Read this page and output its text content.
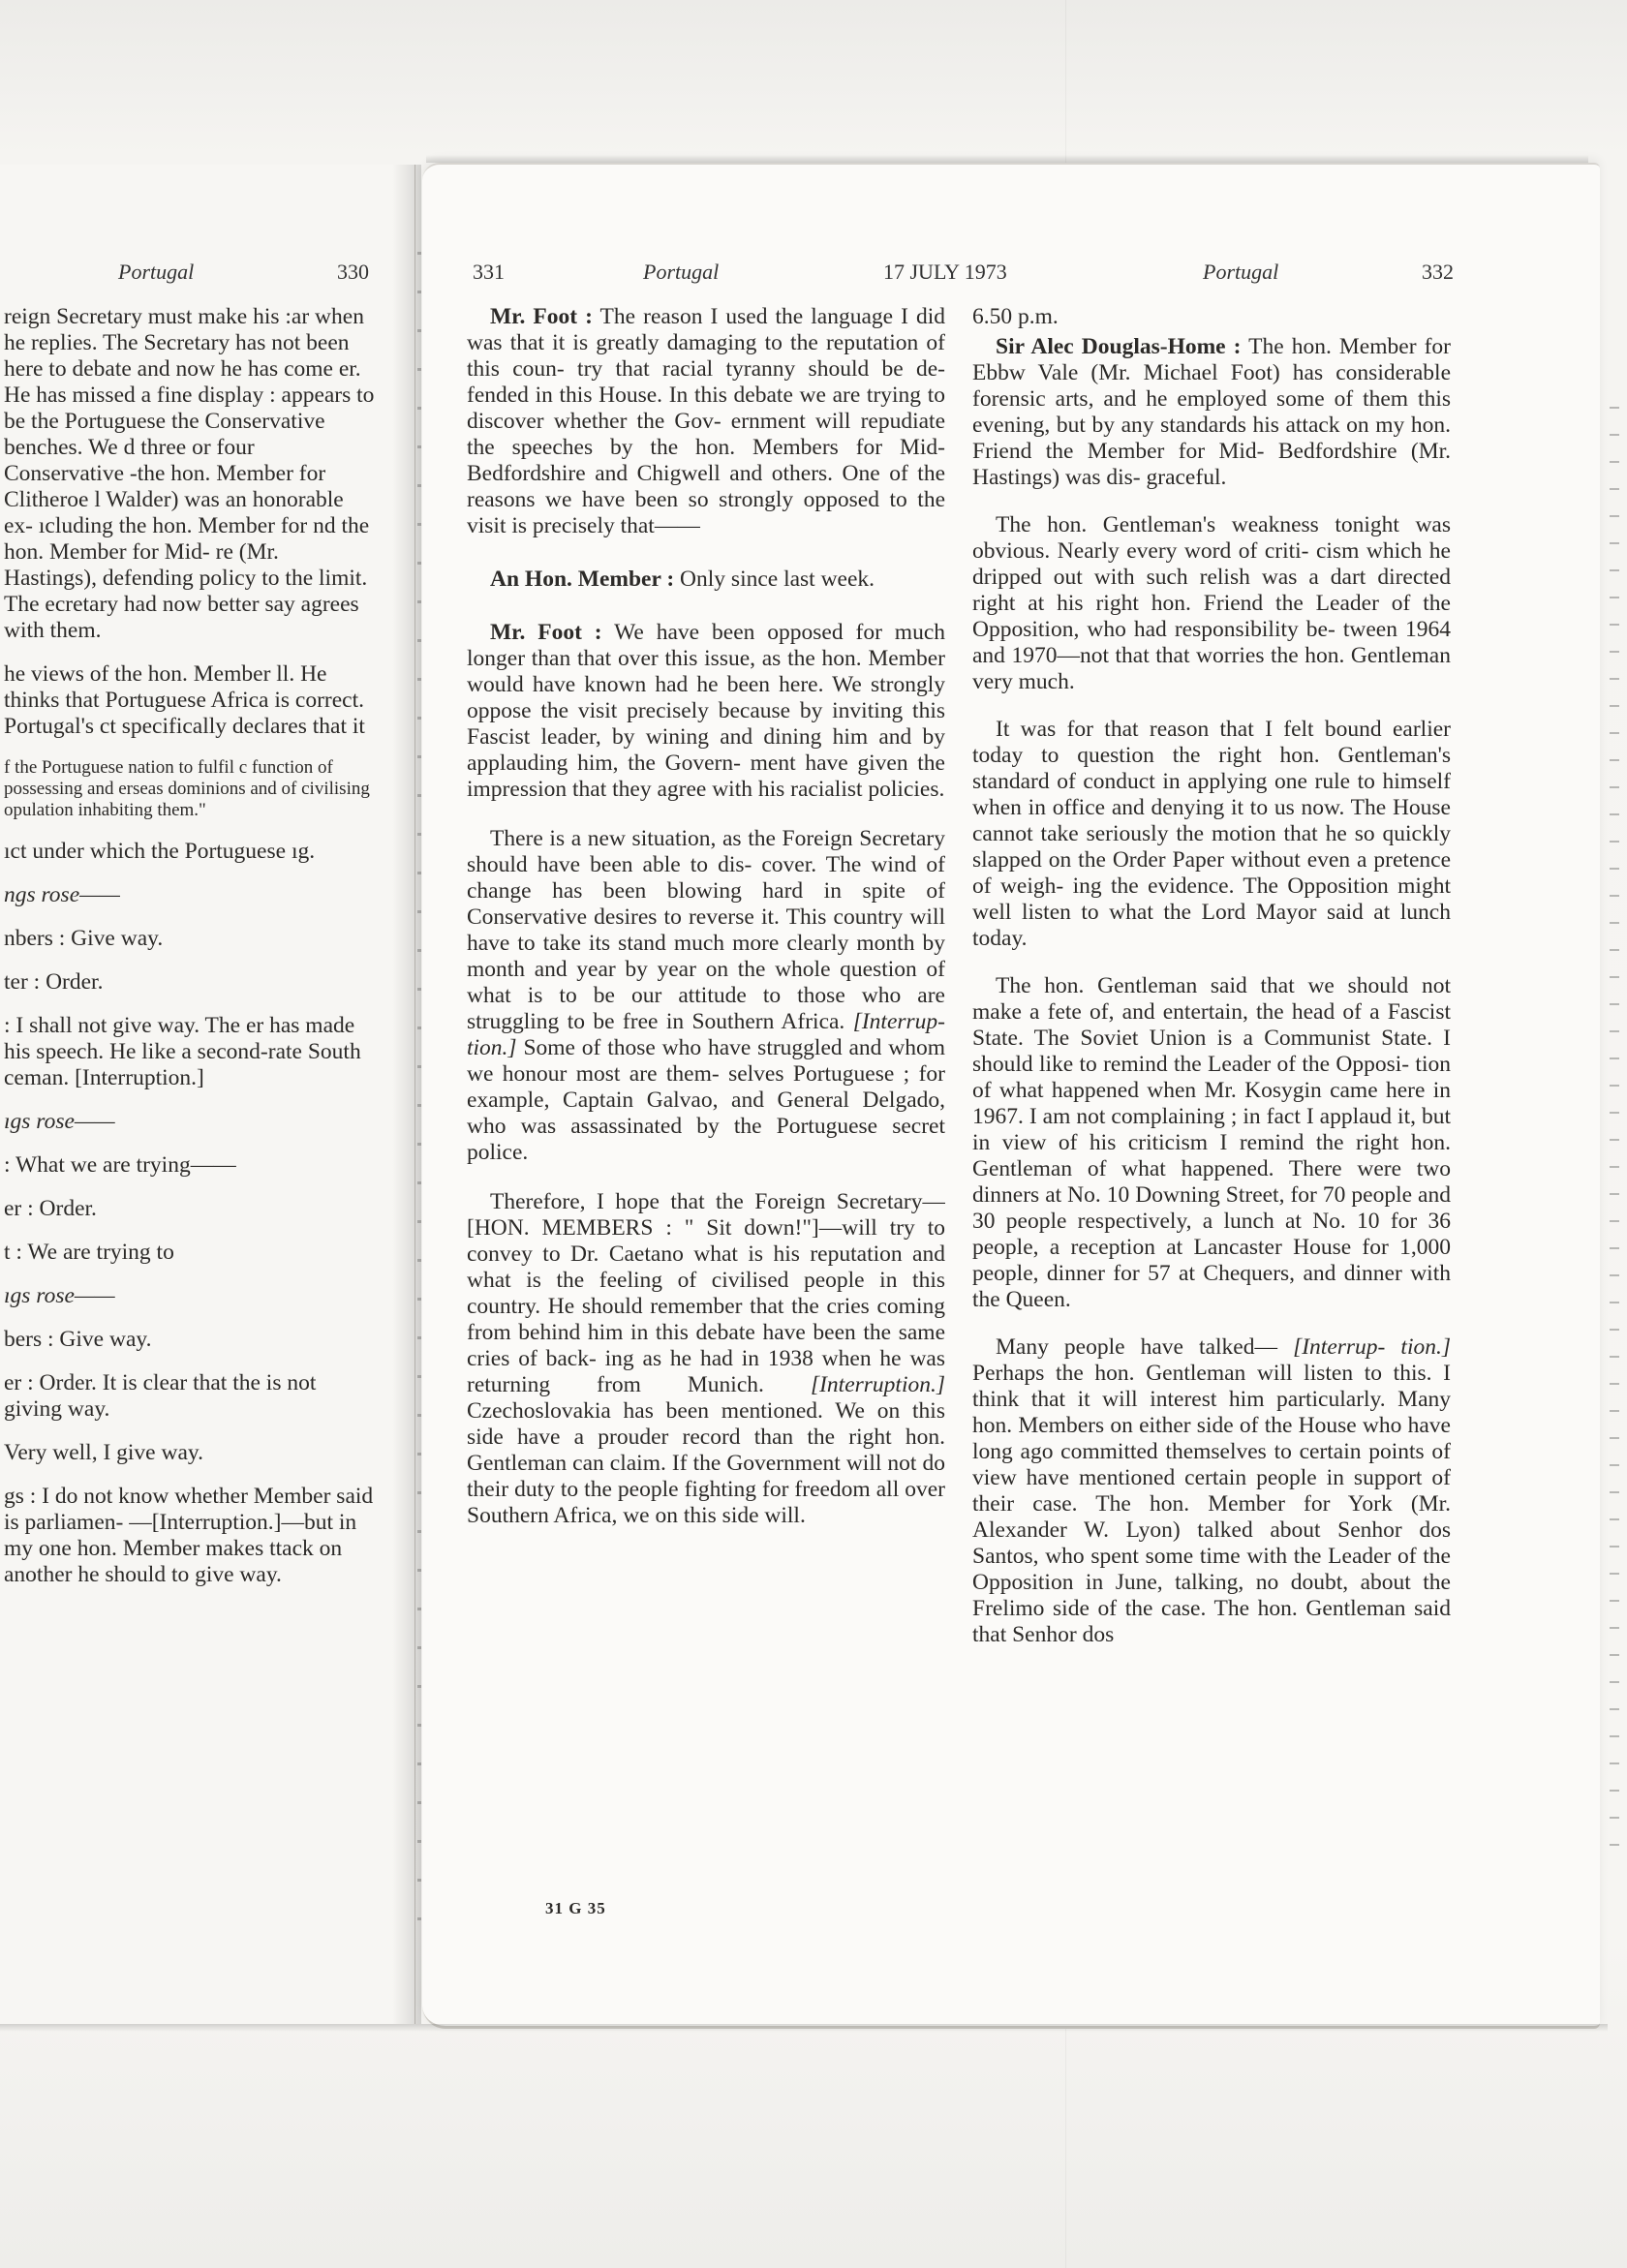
Portugal	330

reign Secretary must make his :ar when he replies. The Secretary has not been here to debate and now he has come er. He has missed a fine display : appears to be the Portuguese the Conservative benches. We d three or four Conservative -the hon. Member for Clitheroe l Walder) was an honorable ex- ıcluding the hon. Member for nd the hon. Member for Mid- re (Mr. Hastings), defending policy to the limit. The ecretary had now better say agrees with them.

he views of the hon. Member ll. He thinks that Portuguese Africa is correct. Portugal's ct specifically declares that it

f the Portuguese nation to fulfil c function of possessing and erseas dominions and of civilising opulation inhabiting them."

ıct under which the Portuguese ıg.

ngs rose——

nbers : Give way.

ter : Order.

: I shall not give way. The er has made his speech. He like a second-rate South ceman. [Interruption.]

ıgs rose——

: What we are trying——

er : Order.

t : We are trying to

ıgs rose——

bers : Give way.

er : Order. It is clear that the is not giving way.

Very well, I give way.

gs : I do not know whether Member said is parliamen- —[Interruption.]—but in my one hon. Member makes ttack on another he should to give way.

331	Portugal	17 JULY 1973	Portugal	332

Mr. Foot : The reason I used the language I did was that it is greatly damaging to the reputation of this coun- try that racial tyranny should be de- fended in this House. In this debate we are trying to discover whether the Gov- ernment will repudiate the speeches by the hon. Members for Mid-Bedfordshire and Chigwell and others. One of the reasons we have been so strongly opposed to the visit is precisely that——

An Hon. Member : Only since last week.

Mr. Foot : We have been opposed for much longer than that over this issue, as the hon. Member would have known had he been here. We strongly oppose the visit precisely because by inviting this Fascist leader, by wining and dining him and by applauding him, the Govern- ment have given the impression that they agree with his racialist policies.

There is a new situation, as the Foreign Secretary should have been able to dis- cover. The wind of change has been blowing hard in spite of Conservative desires to reverse it. This country will have to take its stand much more clearly month by month and year by year on the whole question of what is to be our attitude to those who are struggling to be free in Southern Africa. [Interrup- tion.] Some of those who have struggled and whom we honour most are them- selves Portuguese ; for example, Captain Galvao, and General Delgado, who was assassinated by the Portuguese secret police.

Therefore, I hope that the Foreign Secretary—[HON. MEMBERS : " Sit down!"]—will try to convey to Dr. Caetano what is his reputation and what is the feeling of civilised people in this country. He should remember that the cries coming from behind him in this debate have been the same cries of back- ing as he had in 1938 when he was returning from Munich. [Interruption.] Czechoslovakia has been mentioned. We on this side have a prouder record than the right hon. Gentleman can claim. If the Government will not do their duty to the people fighting for freedom all over Southern Africa, we on this side will.

31 G 35

6.50 p.m.

Sir Alec Douglas-Home : The hon. Member for Ebbw Vale (Mr. Michael Foot) has considerable forensic arts, and he employed some of them this evening, but by any standards his attack on my hon. Friend the Member for Mid- Bedfordshire (Mr. Hastings) was dis- graceful.

The hon. Gentleman's weakness tonight was obvious. Nearly every word of criti- cism which he dripped out with such relish was a dart directed right at his right hon. Friend the Leader of the Opposition, who had responsibility be- tween 1964 and 1970—not that that worries the hon. Gentleman very much.

It was for that reason that I felt bound earlier today to question the right hon. Gentleman's standard of conduct in applying one rule to himself when in office and denying it to us now. The House cannot take seriously the motion that he so quickly slapped on the Order Paper without even a pretence of weigh- ing the evidence. The Opposition might well listen to what the Lord Mayor said at lunch today.

The hon. Gentleman said that we should not make a fete of, and entertain, the head of a Fascist State. The Soviet Union is a Communist State. I should like to remind the Leader of the Opposi- tion of what happened when Mr. Kosygin came here in 1967. I am not complaining ; in fact I applaud it, but in view of his criticism I remind the right hon. Gentleman of what happened. There were two dinners at No. 10 Downing Street, for 70 people and 30 people respectively, a lunch at No. 10 for 36 people, a reception at Lancaster House for 1,000 people, dinner for 57 at Chequers, and dinner with the Queen.

Many people have talked— [Interrup- tion.] Perhaps the hon. Gentleman will listen to this. I think that it will interest him particularly. Many hon. Members on either side of the House who have long ago committed themselves to certain points of view have mentioned certain people in support of their case. The hon. Member for York (Mr. Alexander W. Lyon) talked about Senhor dos Santos, who spent some time with the Leader of the Opposition in June, talking, no doubt, about the Frelimo side of the case. The hon. Gentleman said that Senhor dos
